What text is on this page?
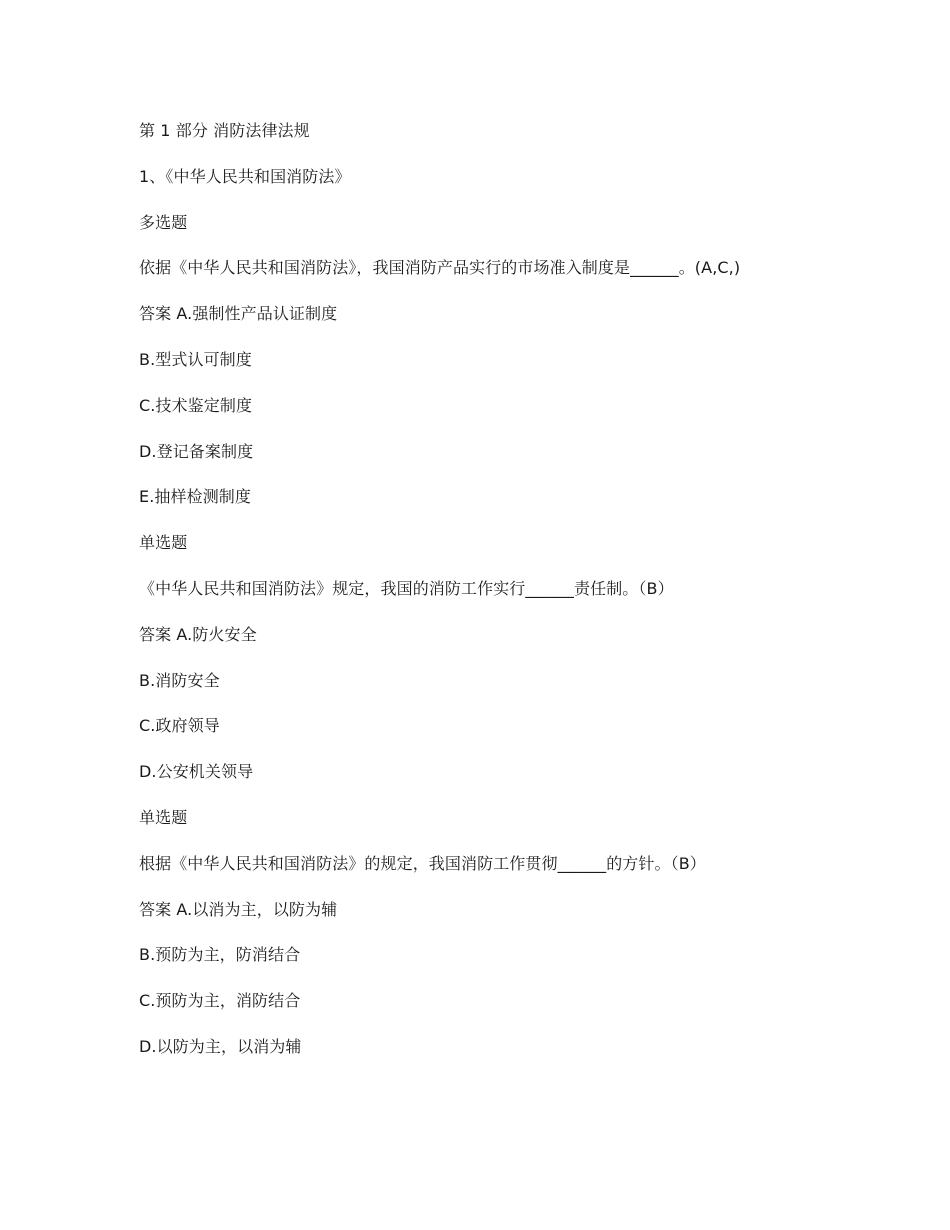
第 1 部分 消防法律法规
1、《中华人民共和国消防法》
多选题
依据《中华人民共和国消防法》，我国消防产品实行的市场准入制度是______。(A,C,)
答案 A.强制性产品认证制度
B.型式认可制度
C.技术鉴定制度
D.登记备案制度
E.抽样检测制度
单选题
《中华人民共和国消防法》规定，我国的消防工作实行______责任制。（B）
答案 A.防火安全
B.消防安全
C.政府领导
D.公安机关领导
单选题
根据《中华人民共和国消防法》的规定，我国消防工作贯彻______的方针。（B）
答案 A.以消为主，以防为辅
B.预防为主，防消结合
C.预防为主，消防结合
D.以防为主，以消为辅
